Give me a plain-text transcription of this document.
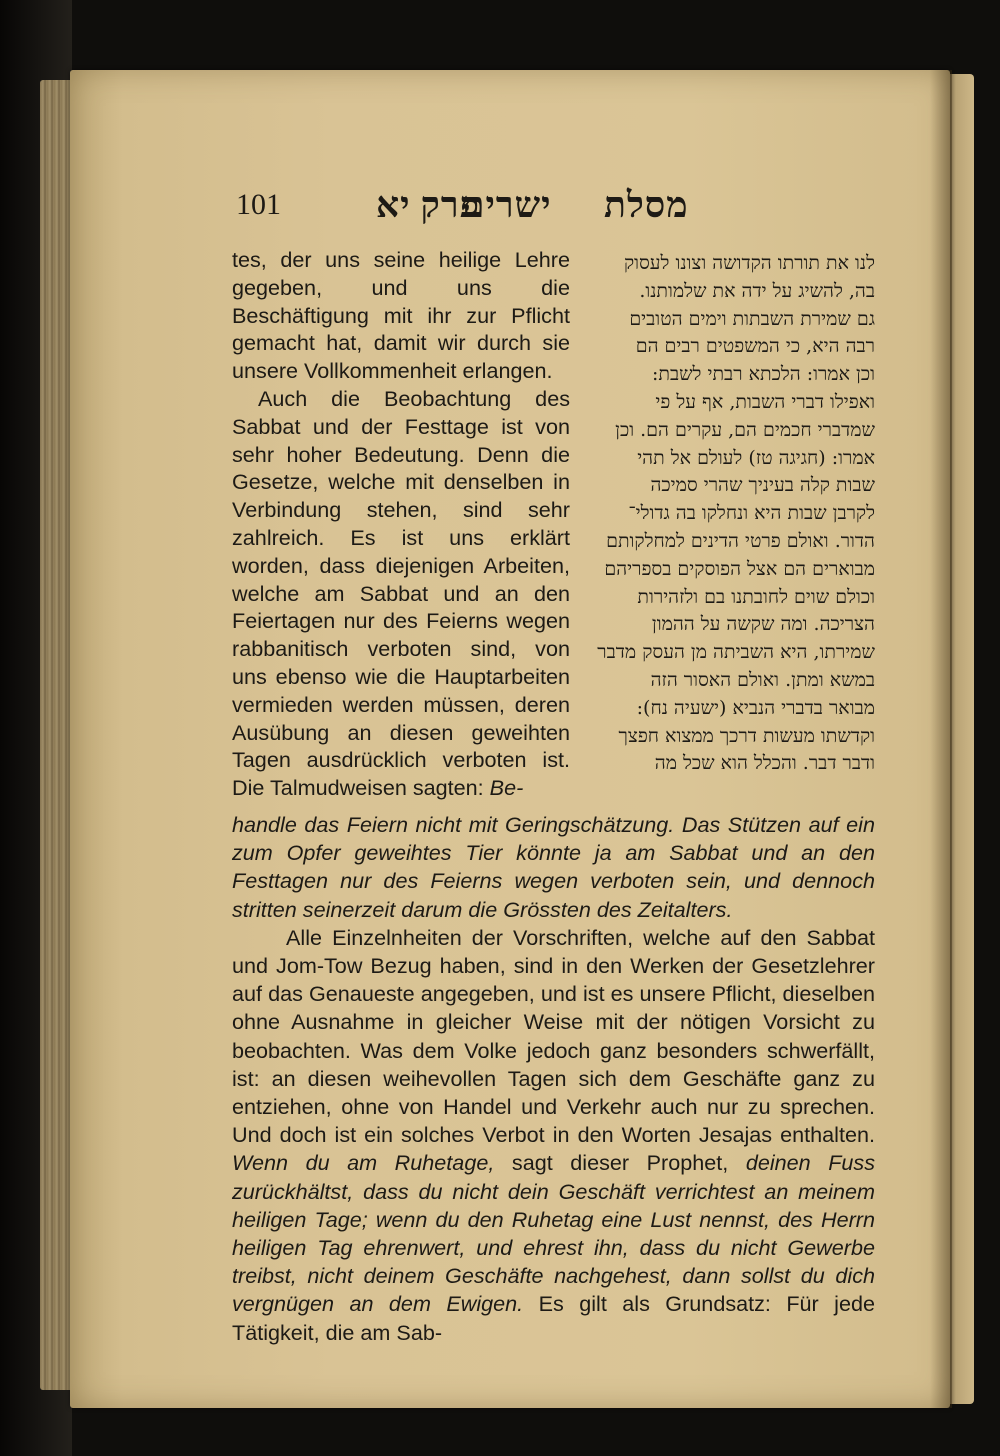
101	פרק יא
ישרים מסלת

tes, der uns seine heilige Lehre gegeben, und uns die Beschäftigung mit ihr zur Pflicht gemacht hat, damit wir durch sie unsere Vollkommenheit erlangen.

Auch die Beobachtung des Sabbat und der Festtage ist von sehr hoher Bedeutung. Denn die Gesetze, welche mit denselben in Verbindung stehen, sind sehr zahlreich. Es ist uns erklärt worden, dass diejenigen Arbeiten, welche am Sabbat und an den Feiertagen nur des Feierns wegen rabbanitisch verboten sind, von uns ebenso wie die Hauptarbeiten vermieden werden müssen, deren Ausübung an diesen geweihten Tagen ausdrücklich verboten ist. Die Talmudweisen sagten: Be-

לנו את תורתו הקדושה וצונו לעסוק
בה, להשיג על ידה את שלמותנו.
גם שמירת השבתות וימים הטובים
רבה היא, כי המשפטים רבים הם
וכן אמרו: הלכתא רבתי לשבת:
ואפילו דברי השבות, אף על פי
שמדברי חכמים הם, עקרים הם. וכן
אמרו: (חגיגה טז) לעולם אל תהי
שבות קלה בעיניך שהרי סמיכה
לקרבן שבות היא ונחלקו בה גדולי־
הדור. ואולם פרטי הדינים למחלקותם
מבוארים הם אצל הפוסקים בספריהם
וכולם שוים לחובתנו בם ולזהירות
הצריכה. ומה שקשה על ההמון
שמירתו, היא השביתה מן העסק מדבר
במשא ומתן. ואולם האסור הזה
מבואר בדברי הנביא (ישעיה נח):
וקדשתו מעשות דרכך ממצוא חפצך
ודבר דבר. והכלל הוא שכל מה

handle das Feiern nicht mit Geringschätzung. Das Stützen auf ein zum Opfer geweihtes Tier könnte ja am Sabbat und an den Festtagen nur des Feierns wegen verboten sein, und dennoch stritten seinerzeit darum die Grössten des Zeitalters.

Alle Einzelnheiten der Vorschriften, welche auf den Sabbat und Jom-Tow Bezug haben, sind in den Werken der Gesetzlehrer auf das Genaueste angegeben, und ist es unsere Pflicht, dieselben ohne Ausnahme in gleicher Weise mit der nötigen Vorsicht zu beobachten. Was dem Volke jedoch ganz besonders schwerfällt, ist: an diesen weihevollen Tagen sich dem Geschäfte ganz zu entziehen, ohne von Handel und Verkehr auch nur zu sprechen. Und doch ist ein solches Verbot in den Worten Jesajas enthalten. Wenn du am Ruhetage, sagt dieser Prophet, deinen Fuss zurückhältst, dass du nicht dein Geschäft verrichtest an meinem heiligen Tage; wenn du den Ruhetag eine Lust nennst, des Herrn heiligen Tag ehrenwert, und ehrest ihn, dass du nicht Gewerbe treibst, nicht deinem Geschäfte nachgehest, dann sollst du dich vergnügen an dem Ewigen. Es gilt als Grundsatz: Für jede Tätigkeit, die am Sab-
